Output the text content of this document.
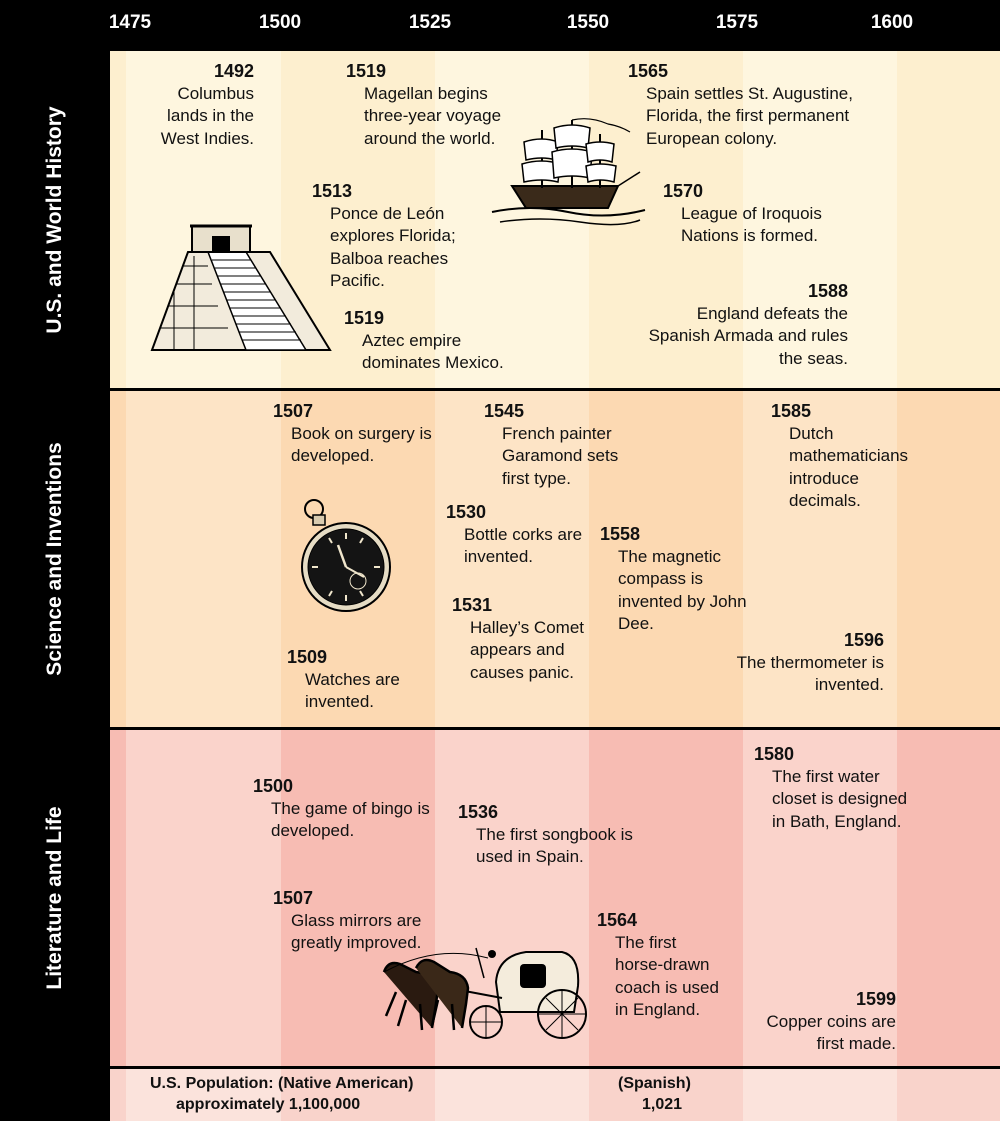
1475	1500	1525	1550	1575	1600
U.S. and World History
Science and Inventions
Literature and Life
1492
Columbus lands in the West Indies.
1519
Magellan begins three-year voyage around the world.
1565
Spain settles St. Augustine, Florida, the first permanent European colony.
1513
Ponce de León explores Florida; Balboa reaches Pacific.
1570
League of Iroquois Nations is formed.
1519
Aztec empire dominates Mexico.
1588
England defeats the Spanish Armada and rules the seas.
1507
Book on surgery is developed.
1545
French painter Garamond sets first type.
1585
Dutch mathematicians introduce decimals.
1530
Bottle corks are invented.
1558
The magnetic compass is invented by John Dee.
1531
Halley’s Comet appears and causes panic.
1596
The thermometer is invented.
1509
Watches are invented.
1500
The game of bingo is developed.
1536
The first songbook is used in Spain.
1580
The first water closet is designed in Bath, England.
1507
Glass mirrors are greatly improved.
1564
The first horse-drawn coach is used in England.
1599
Copper coins are first made.
U.S. Population: (Native American)
approximately 1,100,000
(Spanish)
1,021
